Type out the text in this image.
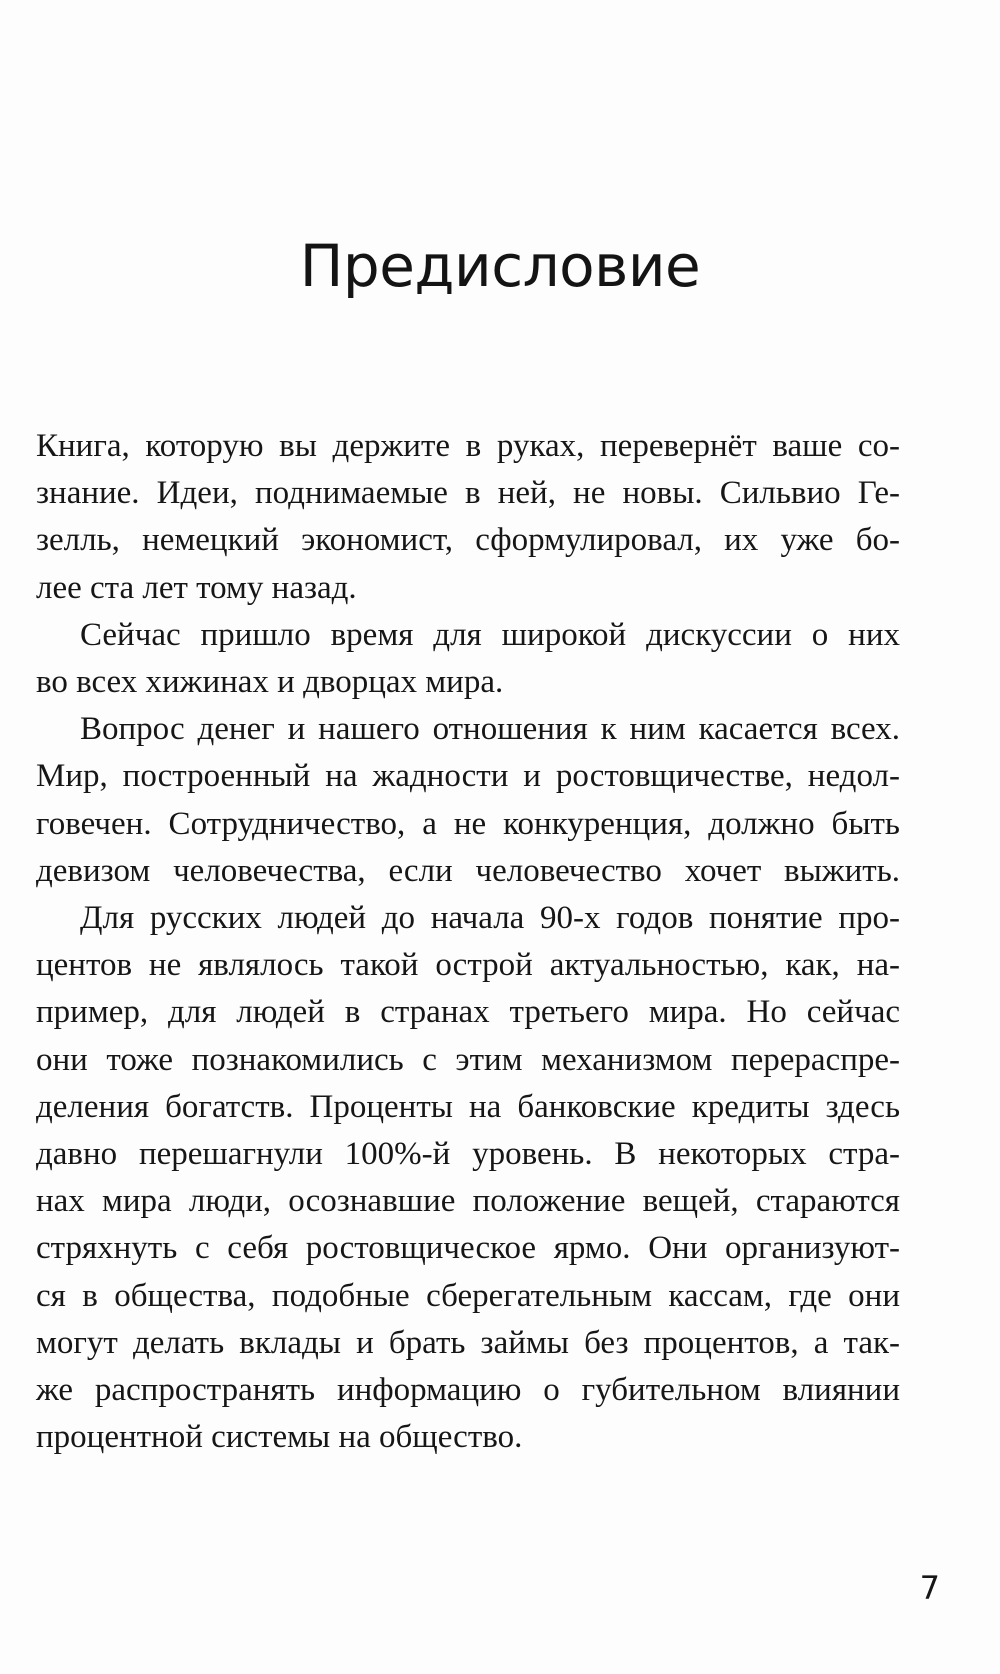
Предисловие
Книга, которую вы держите в руках, перевернёт ваше со-
знание. Идеи, поднимаемые в ней, не новы. Сильвио Ге-
зелль, немецкий экономист, сформулировал, их уже бо-
лее ста лет тому назад.
Сейчас пришло время для широкой дискуссии о них
во всех хижинах и дворцах мира.
Вопрос денег и нашего отношения к ним касается всех.
Мир, построенный на жадности и ростовщичестве, недол-
говечен. Сотрудничество, а не конкуренция, должно быть
девизом человечества, если человечество хочет выжить.
Для русских людей до начала 90-х годов понятие про-
центов не являлось такой острой актуальностью, как, на-
пример, для людей в странах третьего мира. Но сейчас
они тоже познакомились с этим механизмом перераспре-
деления богатств. Проценты на банковские кредиты здесь
давно перешагнули 100%-й уровень. В некоторых стра-
нах мира люди, осознавшие положение вещей, стараются
стряхнуть с себя ростовщическое ярмо. Они организуют-
ся в общества, подобные сберегательным кассам, где они
могут делать вклады и брать займы без процентов, а так-
же распространять информацию о губительном влиянии
процентной системы на общество.
7
